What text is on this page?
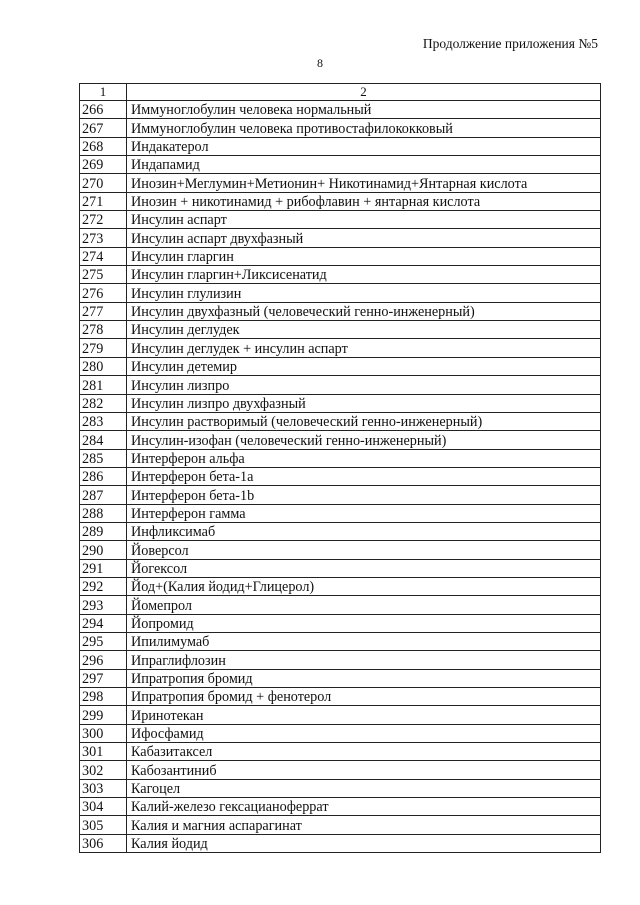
Продолжение приложения №5
8
1	2
266	Иммуноглобулин человека нормальный
267	Иммуноглобулин человека противостафилококковый
268	Индакатерол
269	Индапамид
270	Инозин+Меглумин+Метионин+ Никотинамид+Янтарная кислота
271	Инозин + никотинамид + рибофлавин + янтарная кислота
272	Инсулин аспарт
273	Инсулин аспарт двухфазный
274	Инсулин гларгин
275	Инсулин гларгин+Ликсисенатид
276	Инсулин глулизин
277	Инсулин двухфазный (человеческий генно-инженерный)
278	Инсулин деглудек
279	Инсулин деглудек + инсулин аспарт
280	Инсулин детемир
281	Инсулин лизпро
282	Инсулин лизпро двухфазный
283	Инсулин растворимый (человеческий генно-инженерный)
284	Инсулин-изофан (человеческий генно-инженерный)
285	Интерферон альфа
286	Интерферон бета-1а
287	Интерферон бета-1b
288	Интерферон гамма
289	Инфликсимаб
290	Йоверсол
291	Йогексол
292	Йод+(Калия йодид+Глицерол)
293	Йомепрол
294	Йопромид
295	Ипилимумаб
296	Ипраглифлозин
297	Ипратропия бромид
298	Ипратропия бромид + фенотерол
299	Иринотекан
300	Ифосфамид
301	Кабазитаксел
302	Кабозантиниб
303	Кагоцел
304	Калий-железо гексацианоферрат
305	Калия и магния аспарагинат
306	Калия йодид
